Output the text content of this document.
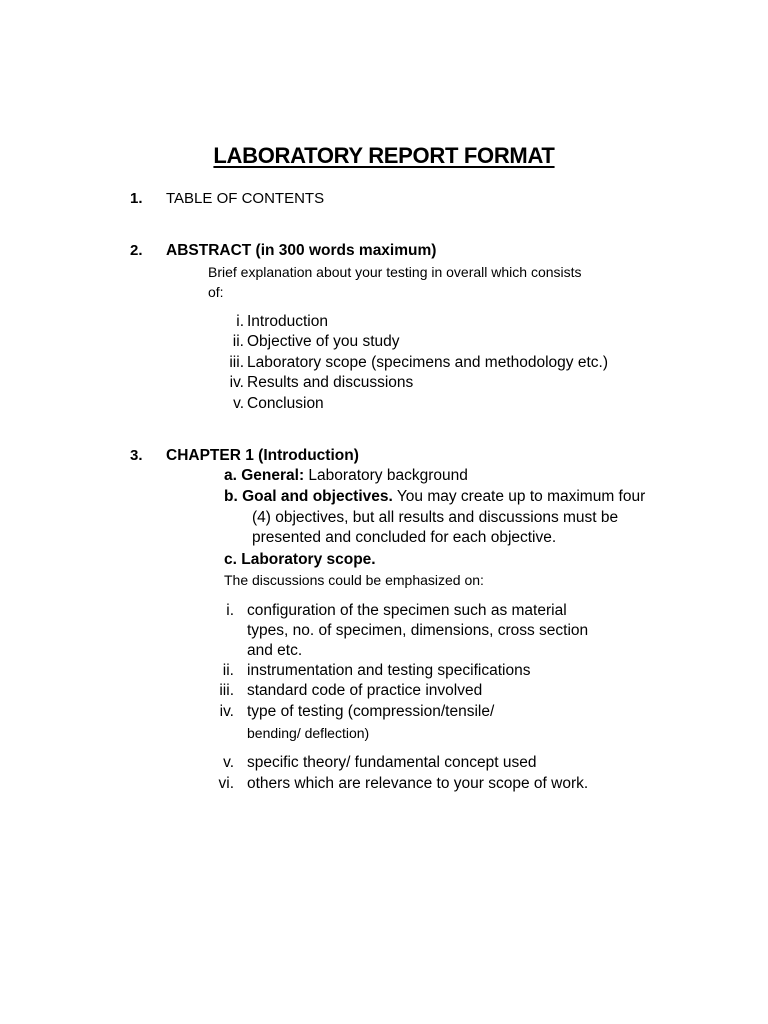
LABORATORY REPORT FORMAT
1. TABLE OF CONTENTS
2. ABSTRACT (in 300 words maximum)
Brief explanation about your testing in overall which consists
of:
i. Introduction
ii. Objective of you study
iii. Laboratory scope (specimens and methodology etc.)
iv. Results and discussions
v. Conclusion
3. CHAPTER 1 (Introduction)
a. General: Laboratory background
b. Goal and objectives. You may create up to maximum four
(4) objectives, but all results and discussions must be
presented and concluded for each objective.
c. Laboratory scope.
The discussions could be emphasized on:
i. configuration of the specimen such as material
types, no. of specimen, dimensions, cross section
and etc.
ii. instrumentation and testing specifications
iii. standard code of practice involved
iv. type of testing (compression/tensile/
bending/ deflection)
v. specific theory/ fundamental concept used
vi. others which are relevance to your scope of work.
